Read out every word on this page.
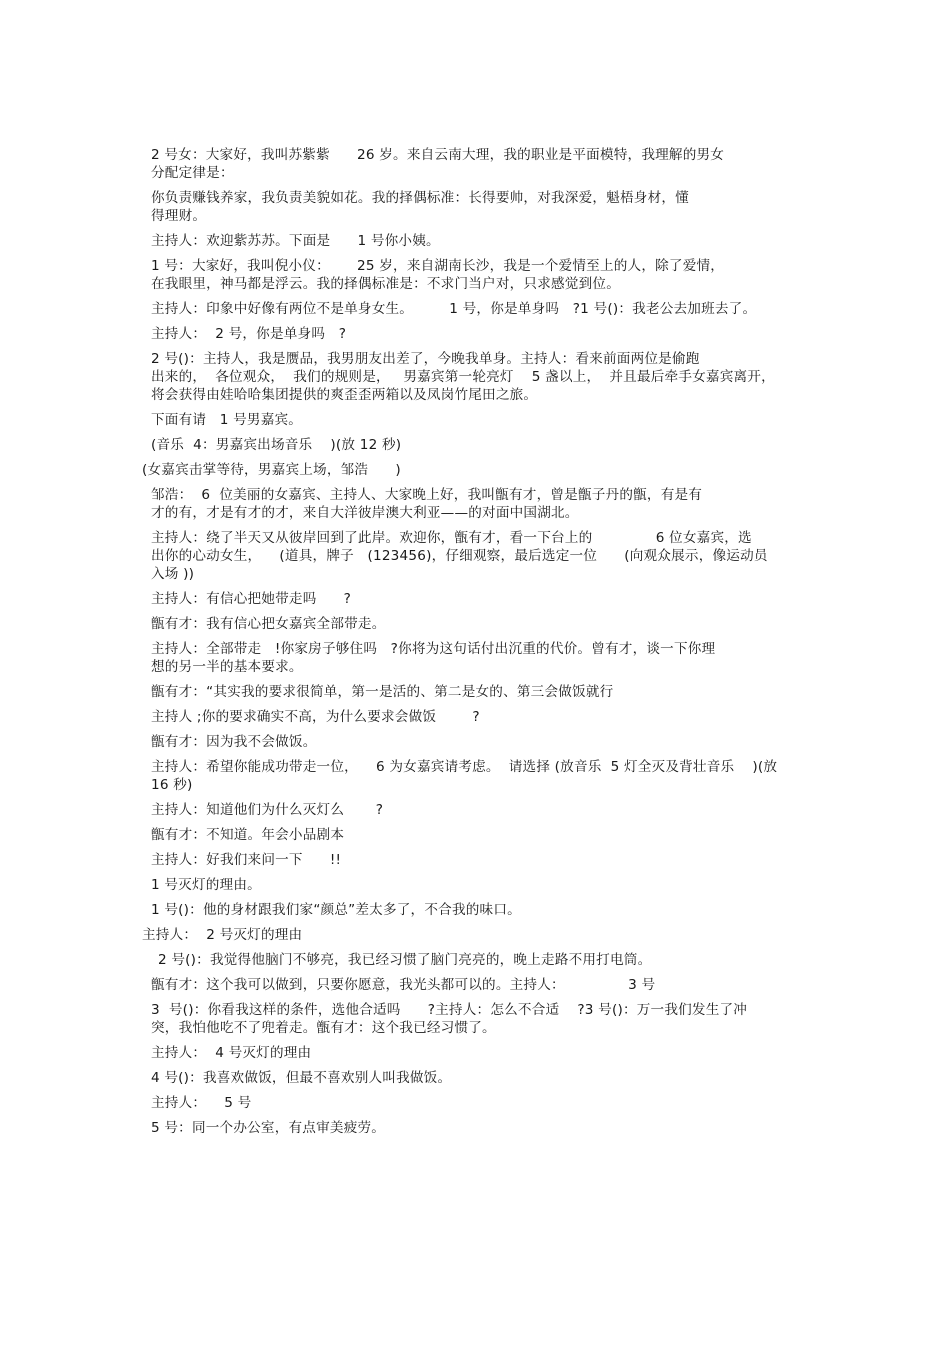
2 号女：大家好，我叫苏紫紫      26 岁。来自云南大理，我的职业是平面模特，我理解的男女
分配定律是：
你负责赚钱养家，我负责美貌如花。我的择偶标准：长得要帅，对我深爱，魁梧身材，懂
得理财。
主持人：欢迎紫苏苏。下面是      1 号你小姨。
1 号：大家好，我叫倪小仪：      25 岁，来自湖南长沙，我是一个爱情至上的人，除了爱情，
在我眼里，神马都是浮云。我的择偶标准是：不求门当户对，只求感觉到位。
主持人：印象中好像有两位不是单身女生。        1 号，你是单身吗   ?1 号()：我老公去加班去了。
主持人：  2 号，你是单身吗   ?
2 号()：主持人，我是赝品，我男朋友出差了，今晚我单身。主持人：看来前面两位是偷跑
出来的，  各位观众，  我们的规则是，   男嘉宾第一轮亮灯    5 盏以上，  并且最后牵手女嘉宾离开，
将会获得由娃哈哈集团提供的爽歪歪两箱以及凤岗竹尾田之旅。
下面有请   1 号男嘉宾。
(音乐  4：男嘉宾出场音乐    )(放 12 秒)
(女嘉宾击掌等待，男嘉宾上场，邹浩      )
邹浩：  6  位美丽的女嘉宾、主持人、大家晚上好，我叫甑有才，曾是甑子丹的甑，有是有
才的有，才是有才的才，来自大洋彼岸澳大利亚——的对面中国湖北。
主持人：绕了半天又从彼岸回到了此岸。欢迎你，甑有才，看一下台上的              6 位女嘉宾，选
出你的心动女生，    (道具，牌子   (123456)，仔细观察，最后选定一位      (向观众展示，像运动员
入场 ))
主持人：有信心把她带走吗      ?
甑有才：我有信心把女嘉宾全部带走。
主持人：全部带走   !你家房子够住吗   ?你将为这句话付出沉重的代价。曾有才，谈一下你理
想的另一半的基本要求。
甑有才：“其实我的要求很简单，第一是活的、第二是女的、第三会做饭就行
主持人 ;你的要求确实不高，为什么要求会做饭        ?
甑有才：因为我不会做饭。
主持人：希望你能成功带走一位，    6 为女嘉宾请考虑。  请选择 (放音乐  5 灯全灭及背壮音乐    )(放
16 秒)
主持人：知道他们为什么灭灯么       ?
甑有才：不知道。年会小品剧本
主持人：好我们来问一下      !!
1 号灭灯的理由。
1 号()：他的身材跟我们家“颜总”差太多了，不合我的味口。
主持人：  2 号灭灯的理由
2 号()：我觉得他脑门不够亮，我已经习惯了脑门亮亮的，晚上走路不用打电筒。
甑有才：这个我可以做到，只要你愿意，我光头都可以的。主持人：              3 号
3  号()：你看我这样的条件，选他合适吗      ?主持人：怎么不合适    ?3 号()：万一我们发生了冲
突，我怕他吃不了兜着走。甑有才：这个我已经习惯了。
主持人：  4 号灭灯的理由
4 号()：我喜欢做饭，但最不喜欢别人叫我做饭。
主持人：    5 号
5 号：同一个办公室，有点审美疲劳。
